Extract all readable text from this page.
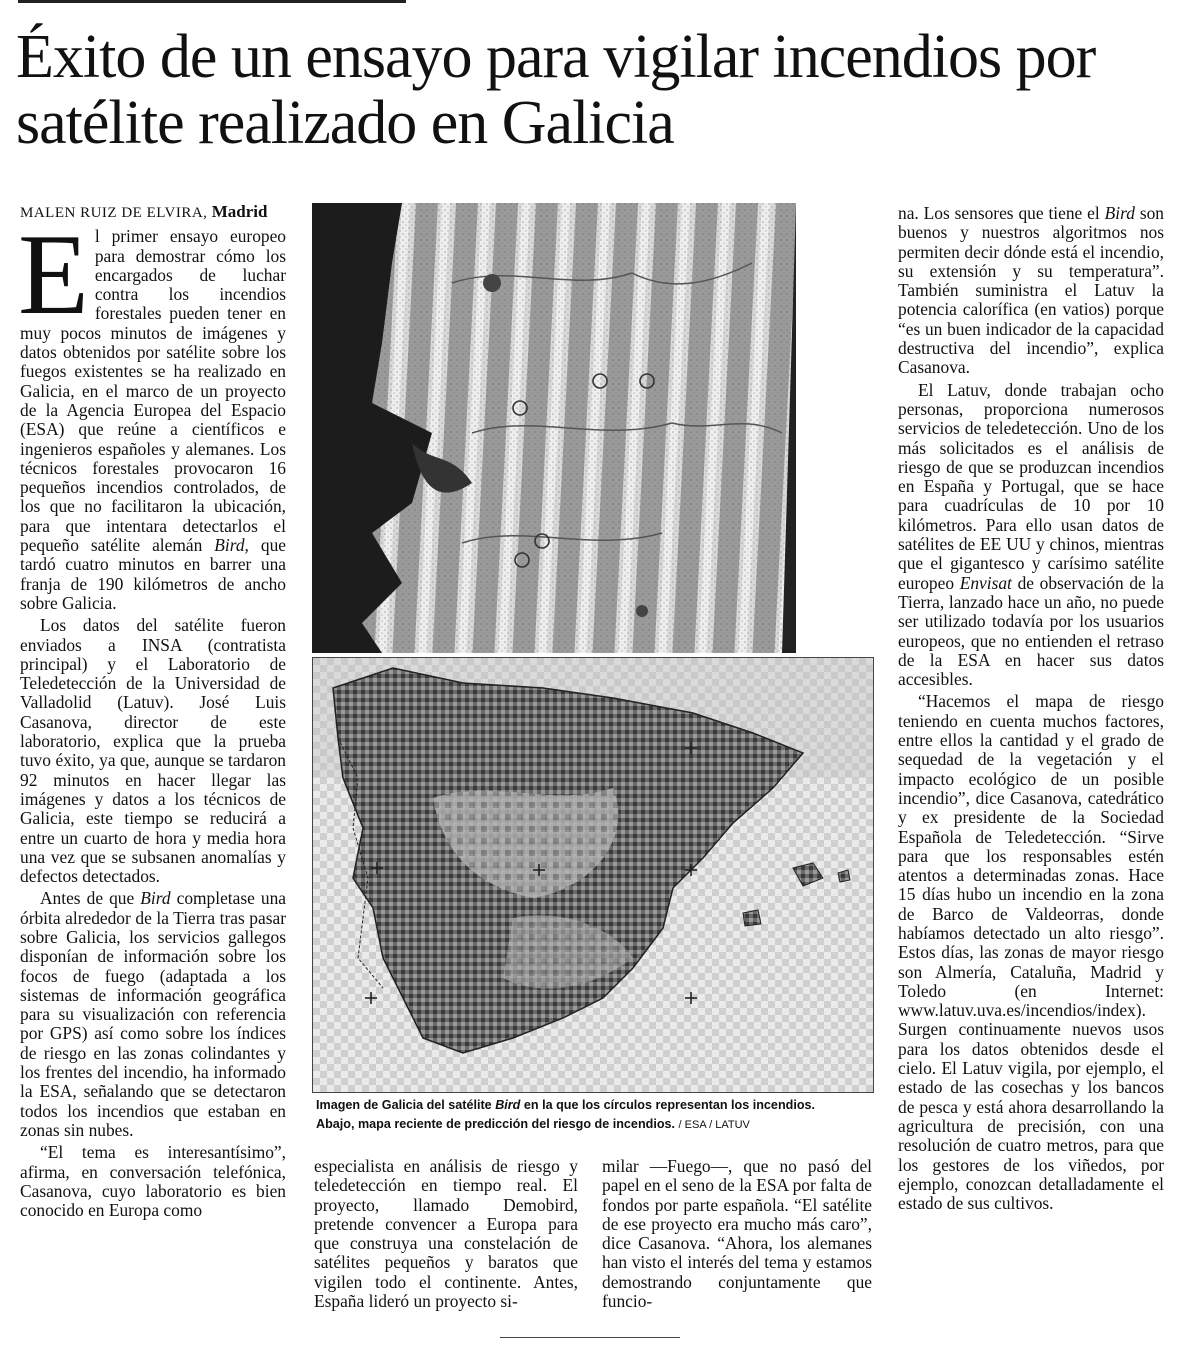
Éxito de un ensayo para vigilar incendios por satélite realizado en Galicia
MALEN RUIZ DE ELVIRA, Madrid

El primer ensayo europeo para demostrar cómo los encargados de luchar contra los incendios forestales pueden tener en muy pocos minutos de imágenes y datos obtenidos por satélite sobre los fuegos existentes se ha realizado en Galicia, en el marco de un proyecto de la Agencia Europea del Espacio (ESA) que reúne a científicos e ingenieros españoles y alemanes. Los técnicos forestales provocaron 16 pequeños incendios controlados, de los que no facilitaron la ubicación, para que intentara detectarlos el pequeño satélite alemán Bird, que tardó cuatro minutos en barrer una franja de 190 kilómetros de ancho sobre Galicia.

Los datos del satélite fueron enviados a INSA (contratista principal) y el Laboratorio de Teledetección de la Universidad de Valladolid (Latuv). José Luis Casanova, director de este laboratorio, explica que la prueba tuvo éxito, ya que, aunque se tardaron 92 minutos en hacer llegar las imágenes y datos a los técnicos de Galicia, este tiempo se reducirá a entre un cuarto de hora y media hora una vez que se subsanen anomalías y defectos detectados.

Antes de que Bird completase una órbita alrededor de la Tierra tras pasar sobre Galicia, los servicios gallegos disponían de información sobre los focos de fuego (adaptada a los sistemas de información geográfica para su visualización con referencia por GPS) así como sobre los índices de riesgo en las zonas colindantes y los frentes del incendio, ha informado la ESA, señalando que se detectaron todos los incendios que estaban en zonas sin nubes.

“El tema es interesantísimo”, afirma, en conversación telefónica, Casanova, cuyo laboratorio es bien conocido en Europa como

Imagen de Galicia del satélite Bird en la que los círculos representan los incendios.
Abajo, mapa reciente de predicción del riesgo de incendios. / ESA / LATUV

especialista en análisis de riesgo y teledetección en tiempo real. El proyecto, llamado Demobird, pretende convencer a Europa para que construya una constelación de satélites pequeños y baratos que vigilen todo el continente. Antes, España lideró un proyecto si-

milar —Fuego—, que no pasó del papel en el seno de la ESA por falta de fondos por parte española. “El satélite de ese proyecto era mucho más caro”, dice Casanova. “Ahora, los alemanes han visto el interés del tema y estamos demostrando conjuntamente que funcio-

na. Los sensores que tiene el Bird son buenos y nuestros algoritmos nos permiten decir dónde está el incendio, su extensión y su temperatura”. También suministra el Latuv la potencia calorífica (en vatios) porque “es un buen indicador de la capacidad destructiva del incendio”, explica Casanova.

El Latuv, donde trabajan ocho personas, proporciona numerosos servicios de teledetección. Uno de los más solicitados es el análisis de riesgo de que se produzcan incendios en España y Portugal, que se hace para cuadrículas de 10 por 10 kilómetros. Para ello usan datos de satélites de EE UU y chinos, mientras que el gigantesco y carísimo satélite europeo Envisat de observación de la Tierra, lanzado hace un año, no puede ser utilizado todavía por los usuarios europeos, que no entienden el retraso de la ESA en hacer sus datos accesibles.

“Hacemos el mapa de riesgo teniendo en cuenta muchos factores, entre ellos la cantidad y el grado de sequedad de la vegetación y el impacto ecológico de un posible incendio”, dice Casanova, catedrático y ex presidente de la Sociedad Española de Teledetección. “Sirve para que los responsables estén atentos a determinadas zonas. Hace 15 días hubo un incendio en la zona de Barco de Valdeorras, donde habíamos detectado un alto riesgo”. Estos días, las zonas de mayor riesgo son Almería, Cataluña, Madrid y Toledo (en Internet: www.latuv.uva.es/incendios/index). Surgen continuamente nuevos usos para los datos obtenidos desde el cielo. El Latuv vigila, por ejemplo, el estado de las cosechas y los bancos de pesca y está ahora desarrollando la agricultura de precisión, con una resolución de cuatro metros, para que los gestores de los viñedos, por ejemplo, conozcan detalladamente el estado de sus cultivos.
